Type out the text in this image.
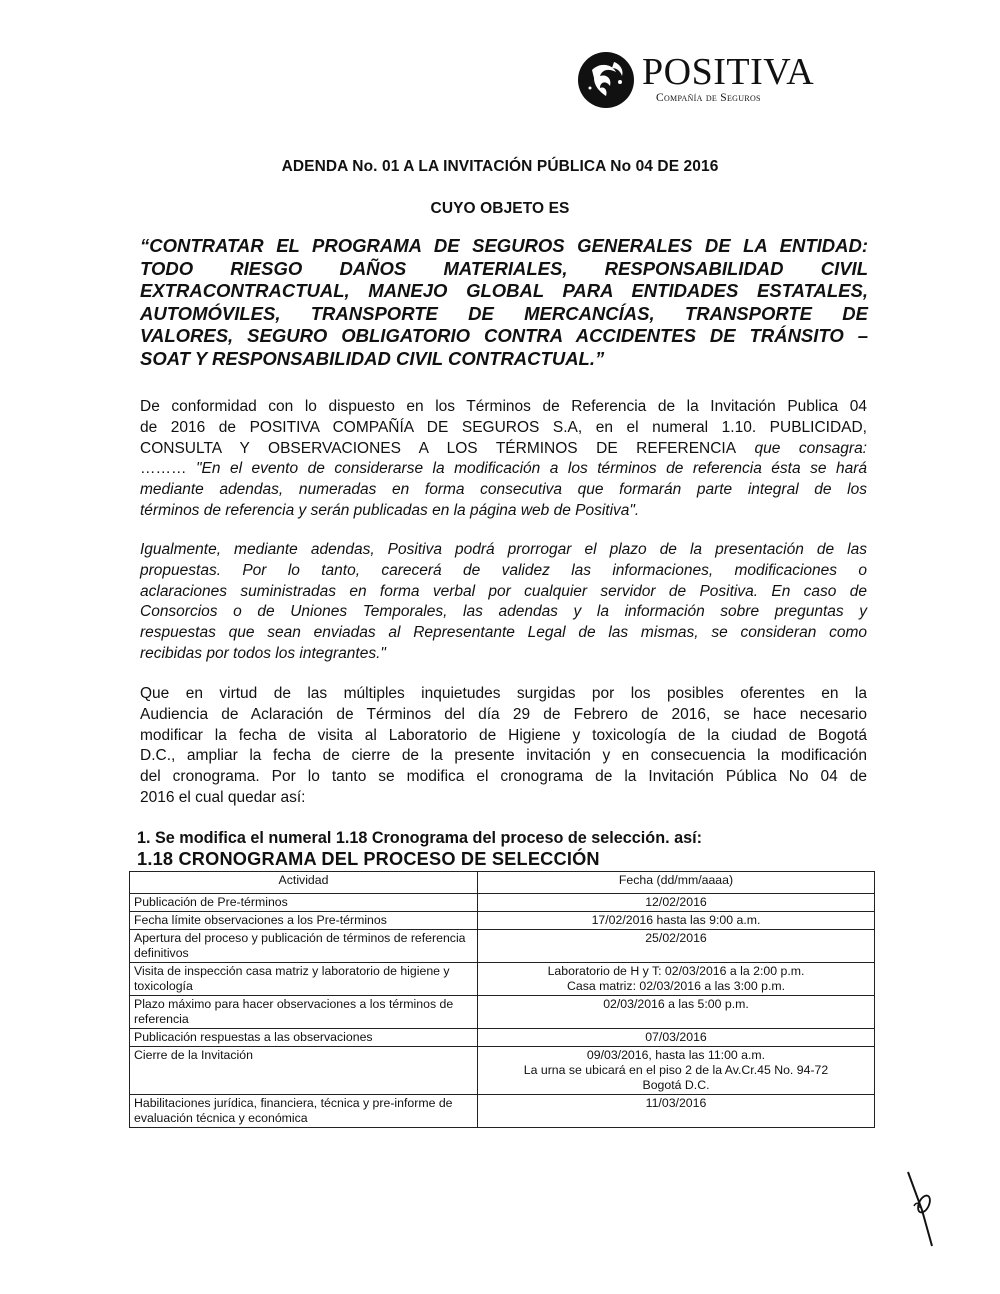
POSITIVA
Compañía de Seguros
ADENDA No. 01 A LA INVITACIÓN PÚBLICA No 04 DE 2016
CUYO OBJETO ES
“CONTRATAR EL PROGRAMA DE SEGUROS GENERALES DE LA ENTIDAD:
TODO RIESGO DAÑOS MATERIALES, RESPONSABILIDAD CIVIL
EXTRACONTRACTUAL, MANEJO GLOBAL PARA ENTIDADES ESTATALES,
AUTOMÓVILES, TRANSPORTE DE MERCANCÍAS, TRANSPORTE DE
VALORES, SEGURO OBLIGATORIO CONTRA ACCIDENTES DE TRÁNSITO –
SOAT Y RESPONSABILIDAD CIVIL CONTRACTUAL.”
De conformidad con lo dispuesto en los Términos de Referencia de la Invitación Publica 04
de 2016 de POSITIVA COMPAÑÍA DE SEGUROS S.A, en el numeral 1.10. PUBLICIDAD,
CONSULTA Y OBSERVACIONES A LOS TÉRMINOS DE REFERENCIA que consagra:
……… "En el evento de considerarse la modificación a los términos de referencia ésta se hará
mediante adendas, numeradas en forma consecutiva que formarán parte integral de los
términos de referencia y serán publicadas en la página web de Positiva".
Igualmente, mediante adendas, Positiva podrá prorrogar el plazo de la presentación de las
propuestas. Por lo tanto, carecerá de validez las informaciones, modificaciones o
aclaraciones suministradas en forma verbal por cualquier servidor de Positiva. En caso de
Consorcios o de Uniones Temporales, las adendas y la información sobre preguntas y
respuestas que sean enviadas al Representante Legal de las mismas, se consideran como
recibidas por todos los integrantes."
Que en virtud de las múltiples inquietudes surgidas por los posibles oferentes en la
Audiencia de Aclaración de Términos del día 29 de Febrero de 2016, se hace necesario
modificar la fecha de visita al Laboratorio de Higiene y toxicología de la ciudad de Bogotá
D.C., ampliar la fecha de cierre de la presente invitación y en consecuencia la modificación
del cronograma. Por lo tanto se modifica el cronograma de la Invitación Pública No 04 de
2016 el cual quedar así:
1. Se modifica el numeral 1.18 Cronograma del proceso de selección. así:
1.18 CRONOGRAMA DEL PROCESO DE SELECCIÓN
Actividad	Fecha (dd/mm/aaaa)
Publicación de Pre-términos	12/02/2016

Fecha límite observaciones a los Pre-términos	17/02/2016 hasta las 9:00 a.m.

Apertura del proceso y publicación de términos de referencia definitivos	25/02/2016

Visita de inspección casa matriz y laboratorio de higiene y toxicología	Laboratorio de H y T: 02/03/2016 a la 2:00 p.m.
Casa matriz: 02/03/2016 a las 3:00 p.m.

Plazo máximo para hacer observaciones a los términos de referencia	02/03/2016 a las 5:00 p.m.

Publicación respuestas a las observaciones	07/03/2016

Cierre de la Invitación	09/03/2016, hasta las 11:00 a.m.
La urna se ubicará en el piso 2 de la Av.Cr.45 No. 94-72
Bogotá D.C.

Habilitaciones jurídica, financiera, técnica y pre-informe de evaluación técnica y económica	11/03/2016
